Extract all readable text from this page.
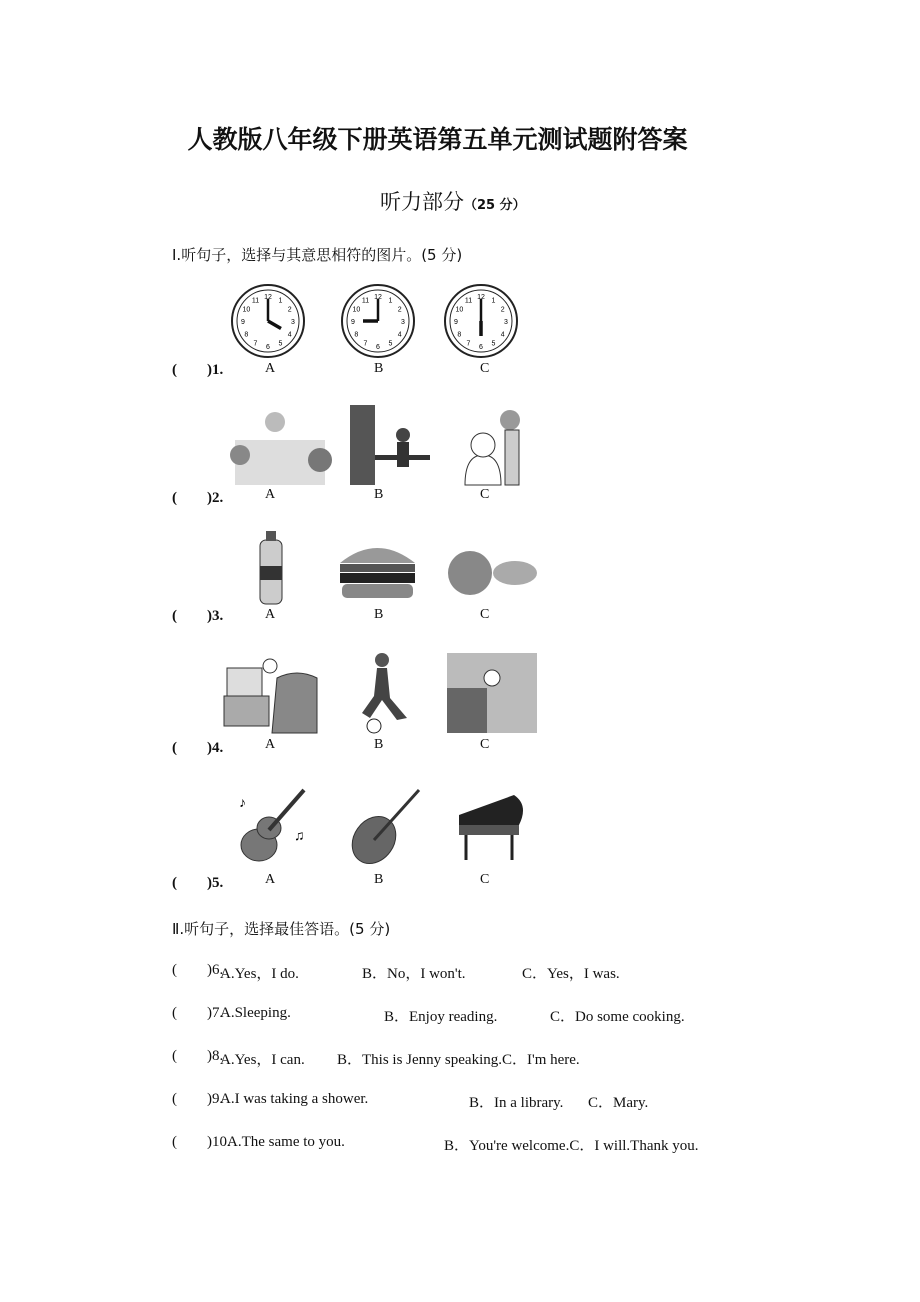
人教版八年级下册英语第五单元测试题附答案
听力部分（25 分）
Ⅰ.听句子，选择与其意思相符的图片。(5 分)
1
2
3
4
5
6
7
8
9
10
11 12	1
2
3
4
5
6
7
8
9
10
11 12	1
2
3
4
5
6
7
8
9
10
11 12
♪
♫
(        )1.	A	B	C
(        )2.	A	B	C
(        )3.	A	B	C
(        )4.	A	B	C
(        )5.	A	B	C
Ⅱ.听句子，选择最佳答语。(5 分)
(        )6.
A.Yes，I do.	B．No，I won't.	C．Yes，I was.
(        )7.
A.Sleeping.	B．Enjoy reading.	C．Do some cooking.
(        )8.
A.Yes，I can. B．This is Jenny speaking.C．I'm here.
(        )9.
A.I was taking a shower.	B．In a library. C．Mary.
(        )10.
A.The same to you.	B．You're welcome.C．I will.Thank you.
